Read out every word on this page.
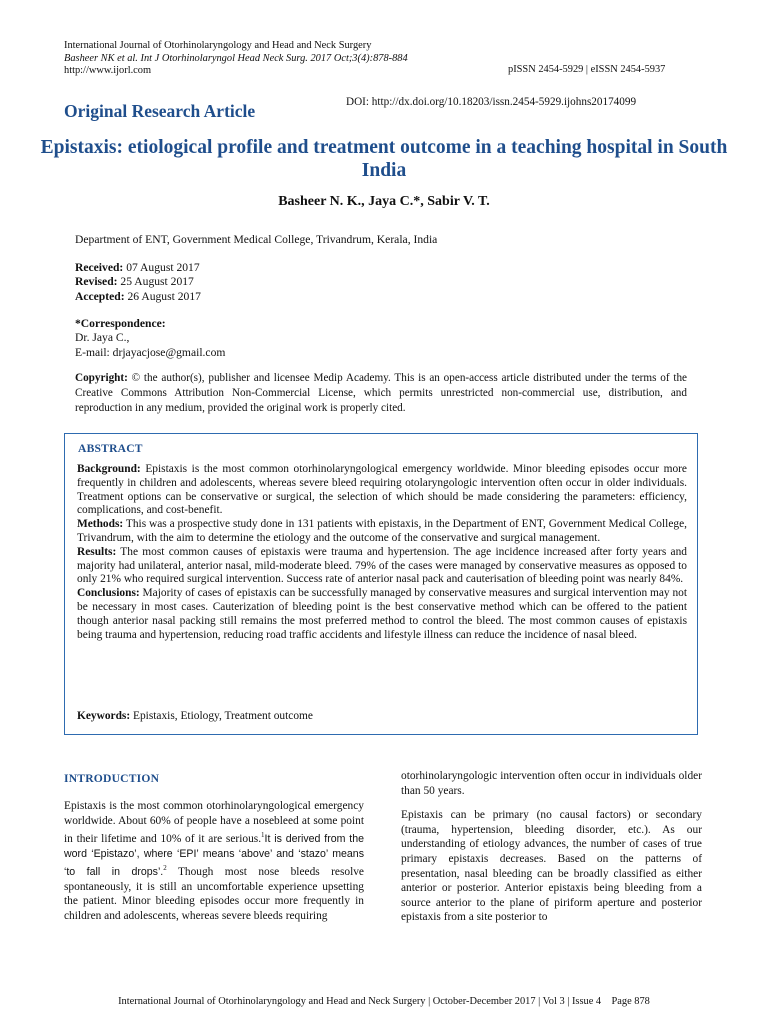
International Journal of Otorhinolaryngology and Head and Neck Surgery
Basheer NK et al. Int J Otorhinolaryngol Head Neck Surg. 2017 Oct;3(4):878-884
http://www.ijorl.com	pISSN 2454-5929 | eISSN 2454-5937
Original Research Article	DOI: http://dx.doi.org/10.18203/issn.2454-5929.ijohns20174099
Epistaxis: etiological profile and treatment outcome in a teaching hospital in South India
Basheer N. K., Jaya C.*, Sabir V. T.
Department of ENT, Government Medical College, Trivandrum, Kerala, India
Received: 07 August 2017
Revised: 25 August 2017
Accepted: 26 August 2017
*Correspondence:
Dr. Jaya C.,
E-mail: drjayacjose@gmail.com
Copyright: © the author(s), publisher and licensee Medip Academy. This is an open-access article distributed under the terms of the Creative Commons Attribution Non-Commercial License, which permits unrestricted non-commercial use, distribution, and reproduction in any medium, provided the original work is properly cited.
ABSTRACT
Background: Epistaxis is the most common otorhinolaryngological emergency worldwide. Minor bleeding episodes occur more frequently in children and adolescents, whereas severe bleed requiring otolaryngologic intervention often occur in older individuals. Treatment options can be conservative or surgical, the selection of which should be made considering the parameters: efficiency, complications, and cost-benefit.
Methods: This was a prospective study done in 131 patients with epistaxis, in the Department of ENT, Government Medical College, Trivandrum, with the aim to determine the etiology and the outcome of the conservative and surgical management.
Results: The most common causes of epistaxis were trauma and hypertension. The age incidence increased after forty years and majority had unilateral, anterior nasal, mild-moderate bleed. 79% of the cases were managed by conservative measures as opposed to only 21% who required surgical intervention. Success rate of anterior nasal pack and cauterisation of bleeding point was nearly 84%.
Conclusions: Majority of cases of epistaxis can be successfully managed by conservative measures and surgical intervention may not be necessary in most cases. Cauterization of bleeding point is the best conservative method which can be offered to the patient though anterior nasal packing still remains the most preferred method to control the bleed. The most common causes of epistaxis being trauma and hypertension, reducing road traffic accidents and lifestyle illness can reduce the incidence of nasal bleed.
Keywords: Epistaxis, Etiology, Treatment outcome
INTRODUCTION

Epistaxis is the most common otorhinolaryngological emergency worldwide. About 60% of people have a nosebleed at some point in their lifetime and 10% of it are serious.$^1$It is derived from the word ‘Epistazo’, where ‘EPI’ means ‘above’ and ‘stazo’ means ‘to fall in drops’.$^2$ Though most nose bleeds resolve spontaneously, it is still an uncomfortable experience upsetting the patient. Minor bleeding episodes occur more frequently in children and adolescents, whereas severe bleeds requiring

otorhinolaryngologic intervention often occur in individuals older than 50 years.

Epistaxis can be primary (no causal factors) or secondary (trauma, hypertension, bleeding disorder, etc.). As our understanding of etiology advances, the number of cases of true primary epistaxis decreases. Based on the patterns of presentation, nasal bleeding can be broadly classified as either anterior or posterior. Anterior epistaxis being bleeding from a source anterior to the plane of piriform aperture and posterior epistaxis from a site posterior to

International Journal of Otorhinolaryngology and Head and Neck Surgery | October-December 2017 | Vol 3 | Issue 4    Page 878
